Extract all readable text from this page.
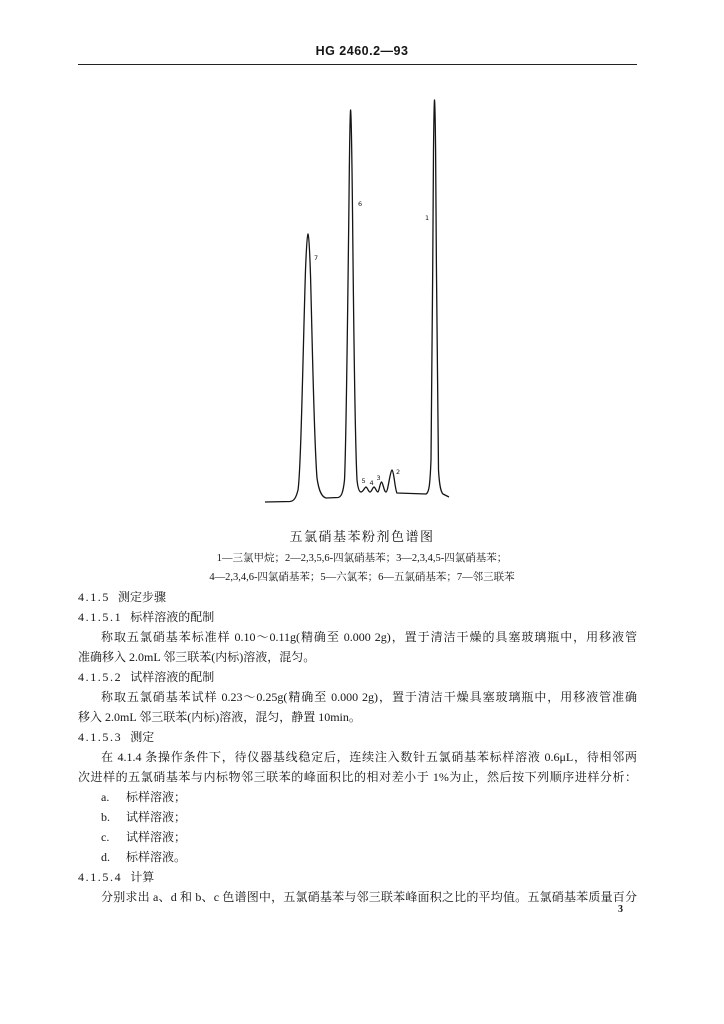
HG 2460.2—93
7
6
5 4
3
2
1
五氯硝基苯粉剂色谱图
1—三氯甲烷；2—2,3,5,6-四氯硝基苯；3—2,3,4,5-四氯硝基苯；
4—2,3,4,6-四氯硝基苯；5—六氯苯；6—五氯硝基苯；7—邻三联苯
4.1.5 测定步骤
4.1.5.1 标样溶液的配制
称取五氯硝基苯标准样 0.10～0.11g(精确至 0.000 2g)，置于清洁干燥的具塞玻璃瓶中，用移液管
准确移入 2.0mL 邻三联苯(内标)溶液，混匀。
4.1.5.2 试样溶液的配制
称取五氯硝基苯试样 0.23～0.25g(精确至 0.000 2g)，置于清洁干燥具塞玻璃瓶中，用移液管准确
移入 2.0mL 邻三联苯(内标)溶液，混匀，静置 10min。
4.1.5.3 测定
在 4.1.4 条操作条件下，待仪器基线稳定后，连续注入数针五氯硝基苯标样溶液 0.6μL，待相邻两
次进样的五氯硝基苯与内标物邻三联苯的峰面积比的相对差小于 1%为止，然后按下列顺序进样分析：
a. 标样溶液；
b. 试样溶液；
c. 试样溶液；
d. 标样溶液。
4.1.5.4 计算
分别求出 a、d 和 b、c 色谱图中，五氯硝基苯与邻三联苯峰面积之比的平均值。五氯硝基苯质量百分
3
